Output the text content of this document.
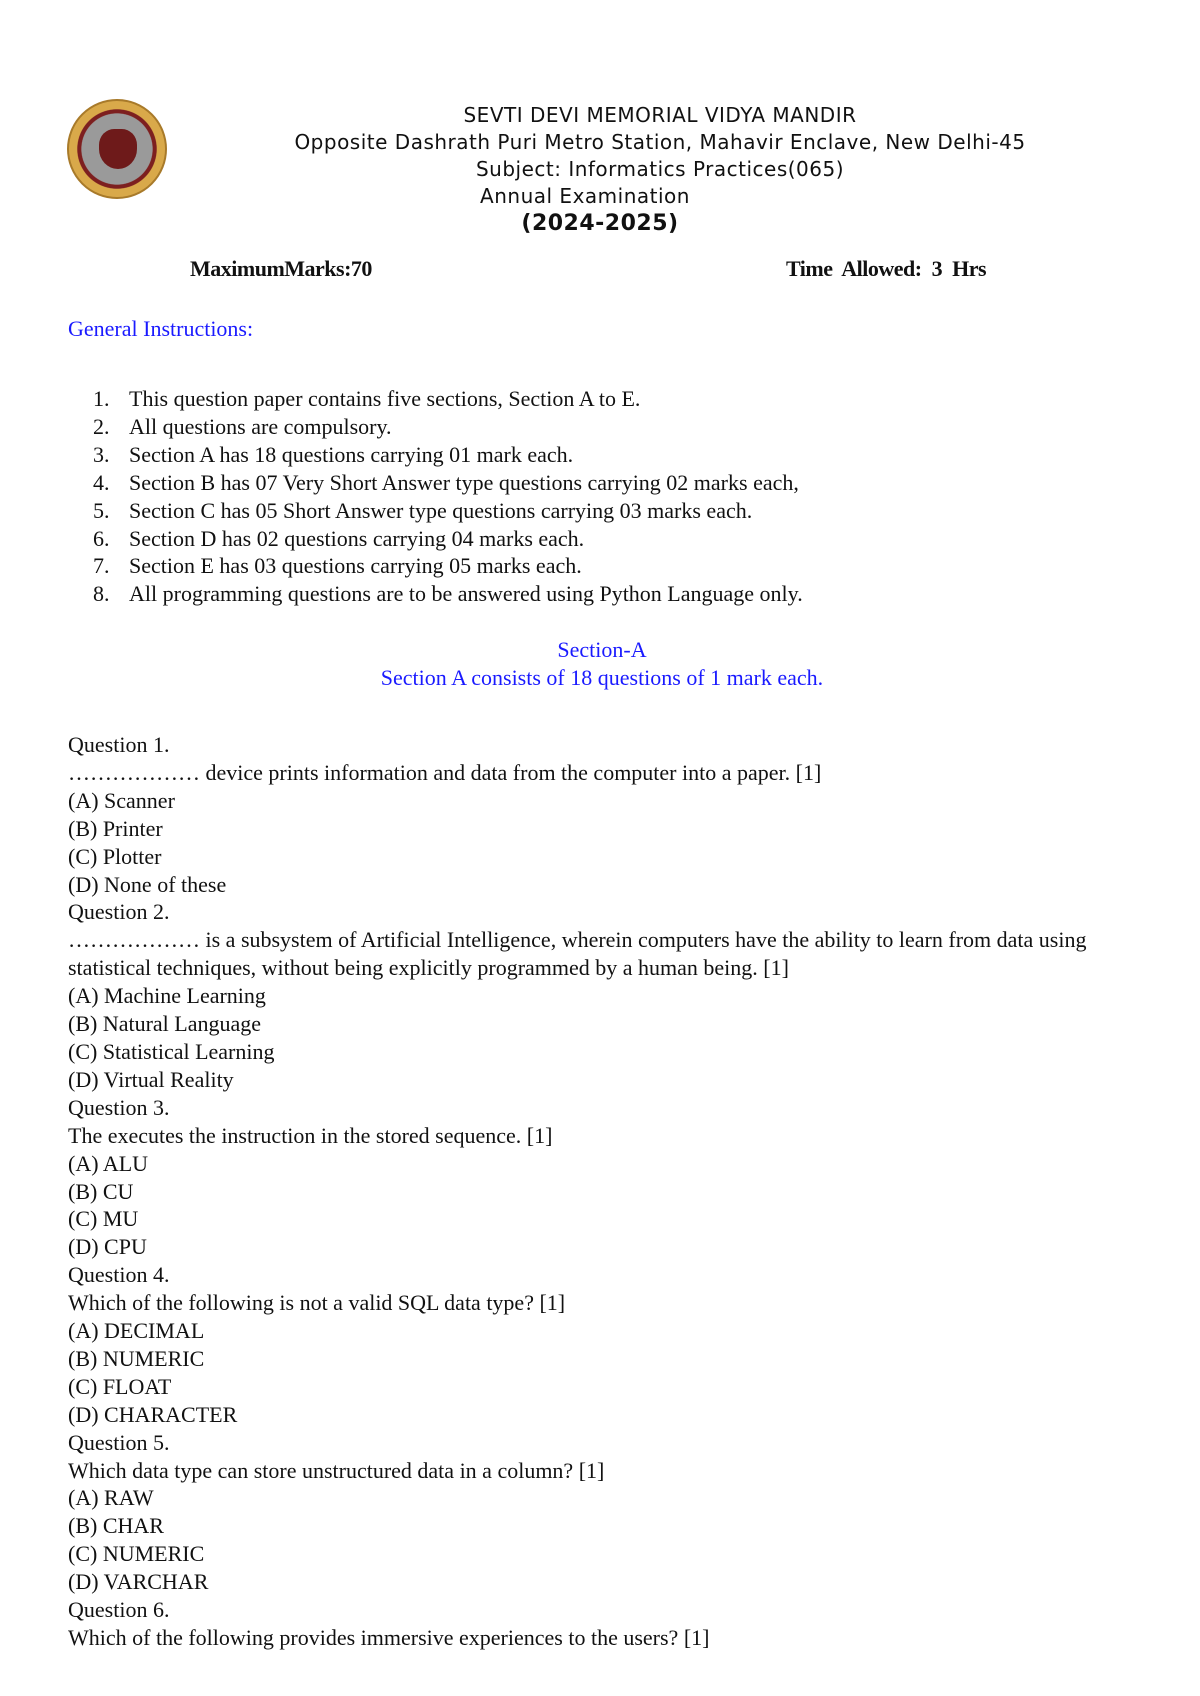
SEVTI DEVI MEMORIAL VIDYA MANDIR
Opposite Dashrath Puri Metro Station, Mahavir Enclave, New Delhi-45
Subject: Informatics Practices(065)
Annual Examination
(2024-2025)
MaximumMarks:70	Time  Allowed:  3  Hrs
General Instructions:
1. This question paper contains five sections, Section A to E.
2. All questions are compulsory.
3. Section A has 18 questions carrying 01 mark each.
4. Section B has 07 Very Short Answer type questions carrying 02 marks each,
5. Section C has 05 Short Answer type questions carrying 03 marks each.
6. Section D has 02 questions carrying 04 marks each.
7. Section E has 03 questions carrying 05 marks each.
8. All programming questions are to be answered using Python Language only.
Section-A
Section A consists of 18 questions of 1 mark each.
Question 1.
……………… device prints information and data from the computer into a paper. [1]
(A) Scanner
(B) Printer
(C) Plotter
(D) None of these
Question 2.
……………… is a subsystem of Artificial Intelligence, wherein computers have the ability to learn from data using statistical techniques, without being explicitly programmed by a human being. [1]
(A) Machine Learning
(B) Natural Language
(C) Statistical Learning
(D) Virtual Reality
Question 3.
The executes the instruction in the stored sequence. [1]
(A) ALU
(B) CU
(C) MU
(D) CPU
Question 4.
Which of the following is not a valid SQL data type? [1]
(A) DECIMAL
(B) NUMERIC
(C) FLOAT
(D) CHARACTER
Question 5.
Which data type can store unstructured data in a column? [1]
(A) RAW
(B) CHAR
(C) NUMERIC
(D) VARCHAR
Question 6.
Which of the following provides immersive experiences to the users? [1]
